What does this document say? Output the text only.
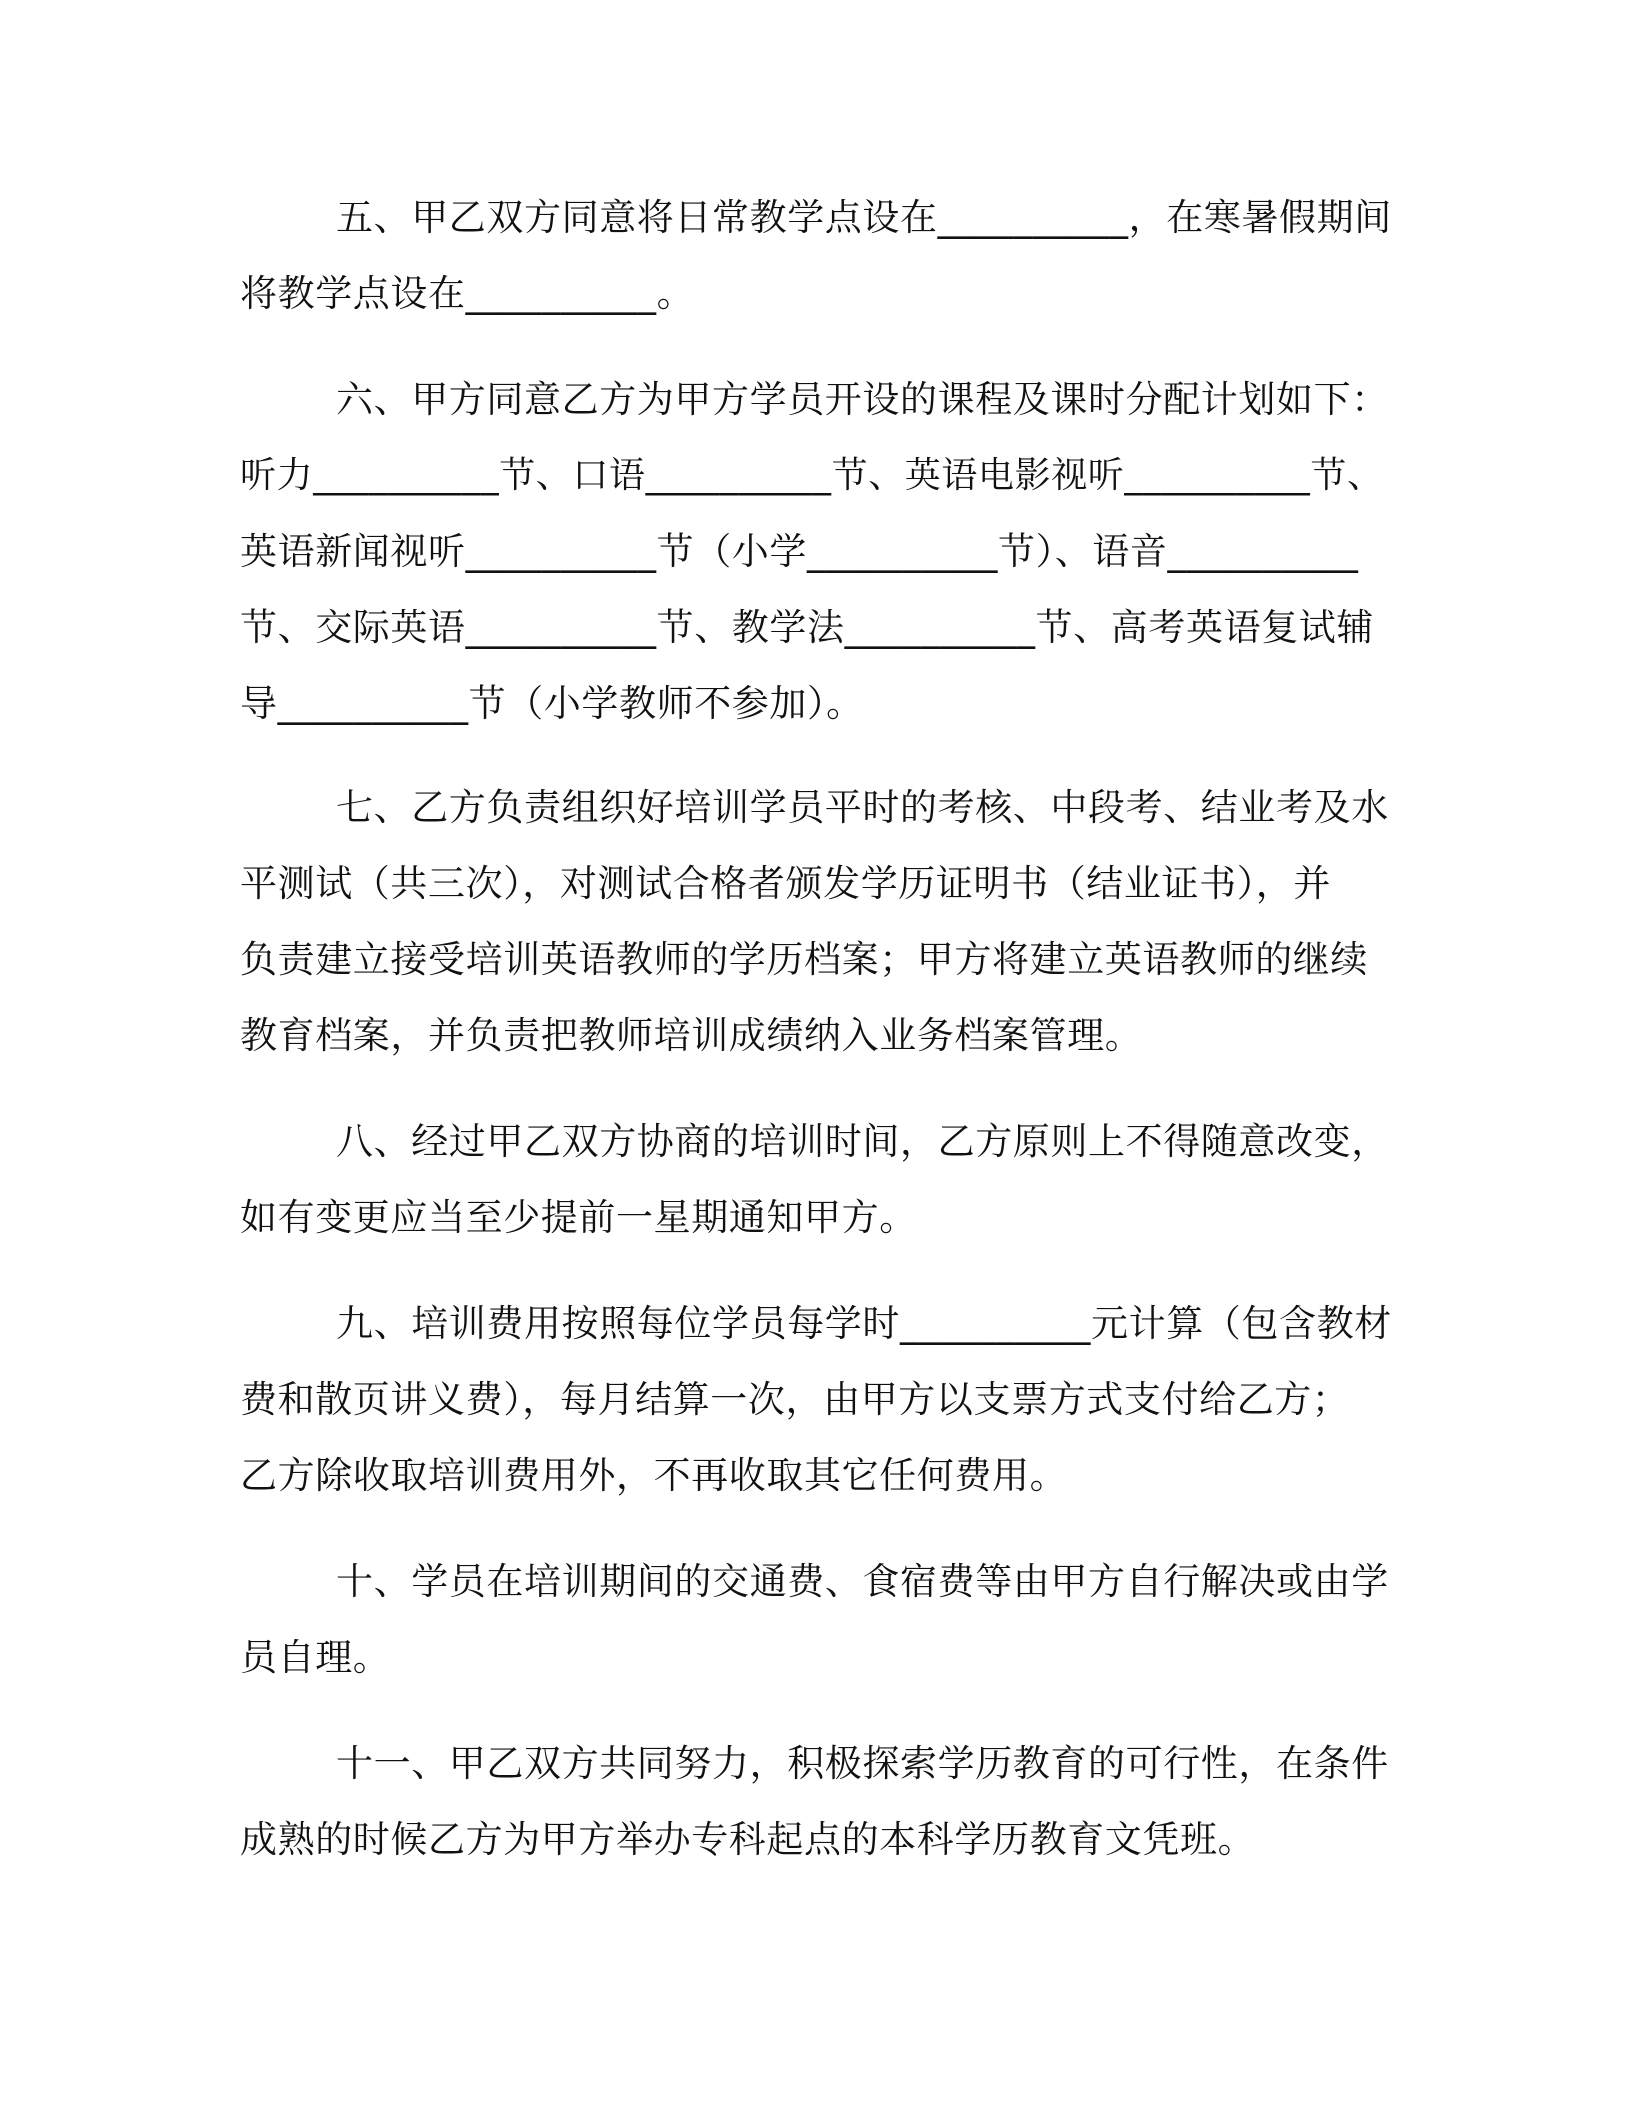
五、甲乙双方同意将日常教学点设在__________，在寒暑假期间
将教学点设在__________。
六、甲方同意乙方为甲方学员开设的课程及课时分配计划如下：
听力__________节、口语__________节、英语电影视听__________节、
英语新闻视听__________节（小学__________节）、语音__________
节、交际英语__________节、教学法__________节、高考英语复试辅
导__________节（小学教师不参加）。
七、乙方负责组织好培训学员平时的考核、中段考、结业考及水
平测试（共三次），对测试合格者颁发学历证明书（结业证书），并
负责建立接受培训英语教师的学历档案；甲方将建立英语教师的继续
教育档案，并负责把教师培训成绩纳入业务档案管理。
八、经过甲乙双方协商的培训时间，乙方原则上不得随意改变，
如有变更应当至少提前一星期通知甲方。
九、培训费用按照每位学员每学时__________元计算（包含教材
费和散页讲义费），每月结算一次，由甲方以支票方式支付给乙方；
乙方除收取培训费用外，不再收取其它任何费用。
十、学员在培训期间的交通费、食宿费等由甲方自行解决或由学
员自理。
十一、甲乙双方共同努力，积极探索学历教育的可行性，在条件
成熟的时候乙方为甲方举办专科起点的本科学历教育文凭班。
